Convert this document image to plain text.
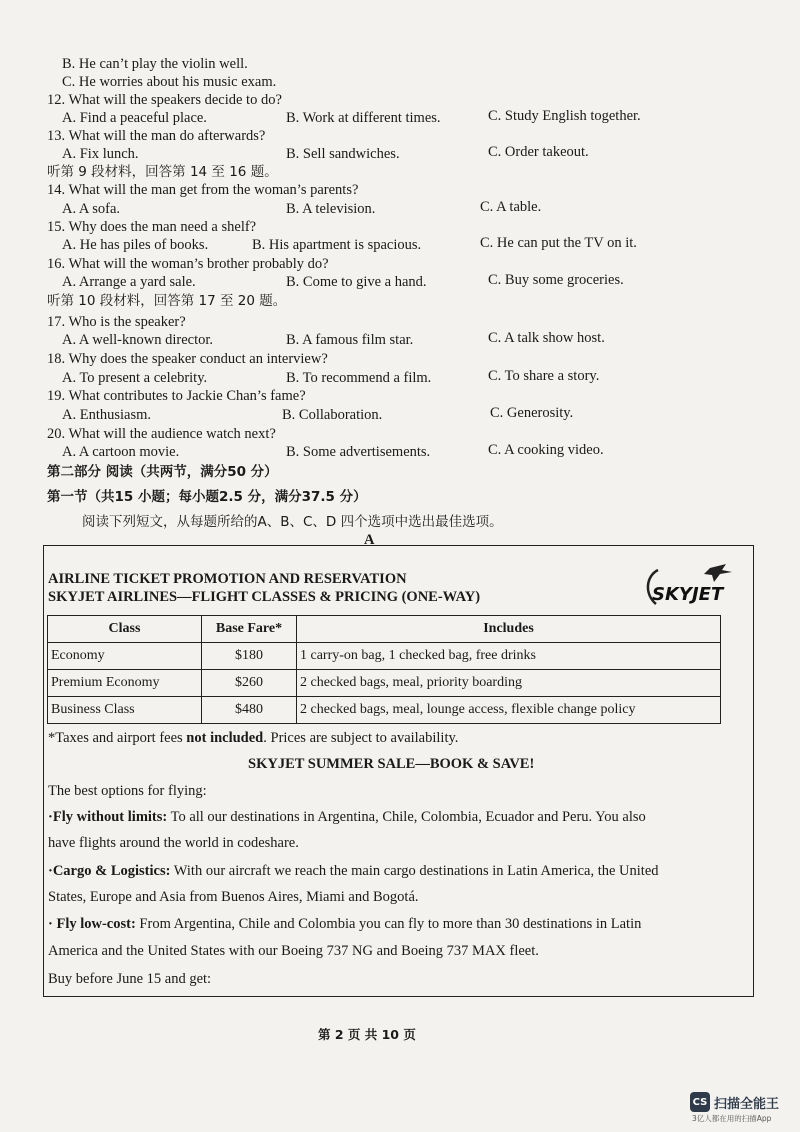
B. He can’t play the violin well.
C. He worries about his music exam.
12. What will the speakers decide to do?
A. Find a peaceful place.	B. Work at different times.	C. Study English together.
13. What will the man do afterwards?
A. Fix lunch.	B. Sell sandwiches.	C. Order takeout.
听第 9 段材料，回答第 14 至 16 题。
14. What will the man get from the woman’s parents?
A. A sofa.	B. A television.	C. A table.
15. Why does the man need a shelf?
A. He has piles of books.	B. His apartment is spacious.	C. He can put the TV on it.
16. What will the woman’s brother probably do?
A. Arrange a yard sale.	B. Come to give a hand.	C. Buy some groceries.
听第 10 段材料，回答第 17 至 20 题。
17. Who is the speaker?
A. A well-known director.	B. A famous film star.	C. A talk show host.
18. Why does the speaker conduct an interview?
A. To present a celebrity.	B. To recommend a film.	C. To share a story.
19. What contributes to Jackie Chan’s fame?
A. Enthusiasm.	B. Collaboration.	C. Generosity.
20. What will the audience watch next?
A. A cartoon movie.	B. Some advertisements.	C. A cooking video.
第二部分 阅读（共两节，满分50 分）
第一节（共15 小题；每小题2.5 分，满分37.5 分）
阅读下列短文，从每题所给的A、B、C、D 四个选项中选出最佳选项。
A
AIRLINE TICKET PROMOTION AND RESERVATION
SKYJET AIRLINES—FLIGHT CLASSES & PRICING (ONE-WAY)	SKYJET
Class	Base Fare*	Includes
Economy	$180	1 carry-on bag, 1 checked bag, free drinks
Premium Economy	$260	2 checked bags, meal, priority boarding
Business Class	$480	2 checked bags, meal, lounge access, flexible change policy
*Taxes and airport fees not included. Prices are subject to availability.
SKYJET SUMMER SALE—BOOK & SAVE!
The best options for flying:
·Fly without limits: To all our destinations in Argentina, Chile, Colombia, Ecuador and Peru. You also
have flights around the world in codeshare.
·Cargo & Logistics: With our aircraft we reach the main cargo destinations in Latin America, the United
States, Europe and Asia from Buenos Aires, Miami and Bogotá.
· Fly low-cost: From Argentina, Chile and Colombia you can fly to more than 30 destinations in Latin
America and the United States with our Boeing 737 NG and Boeing 737 MAX fleet.
Buy before June 15 and get:
第 2 页 共 10 页
CS 扫描全能王
3亿人都在用的扫描App
